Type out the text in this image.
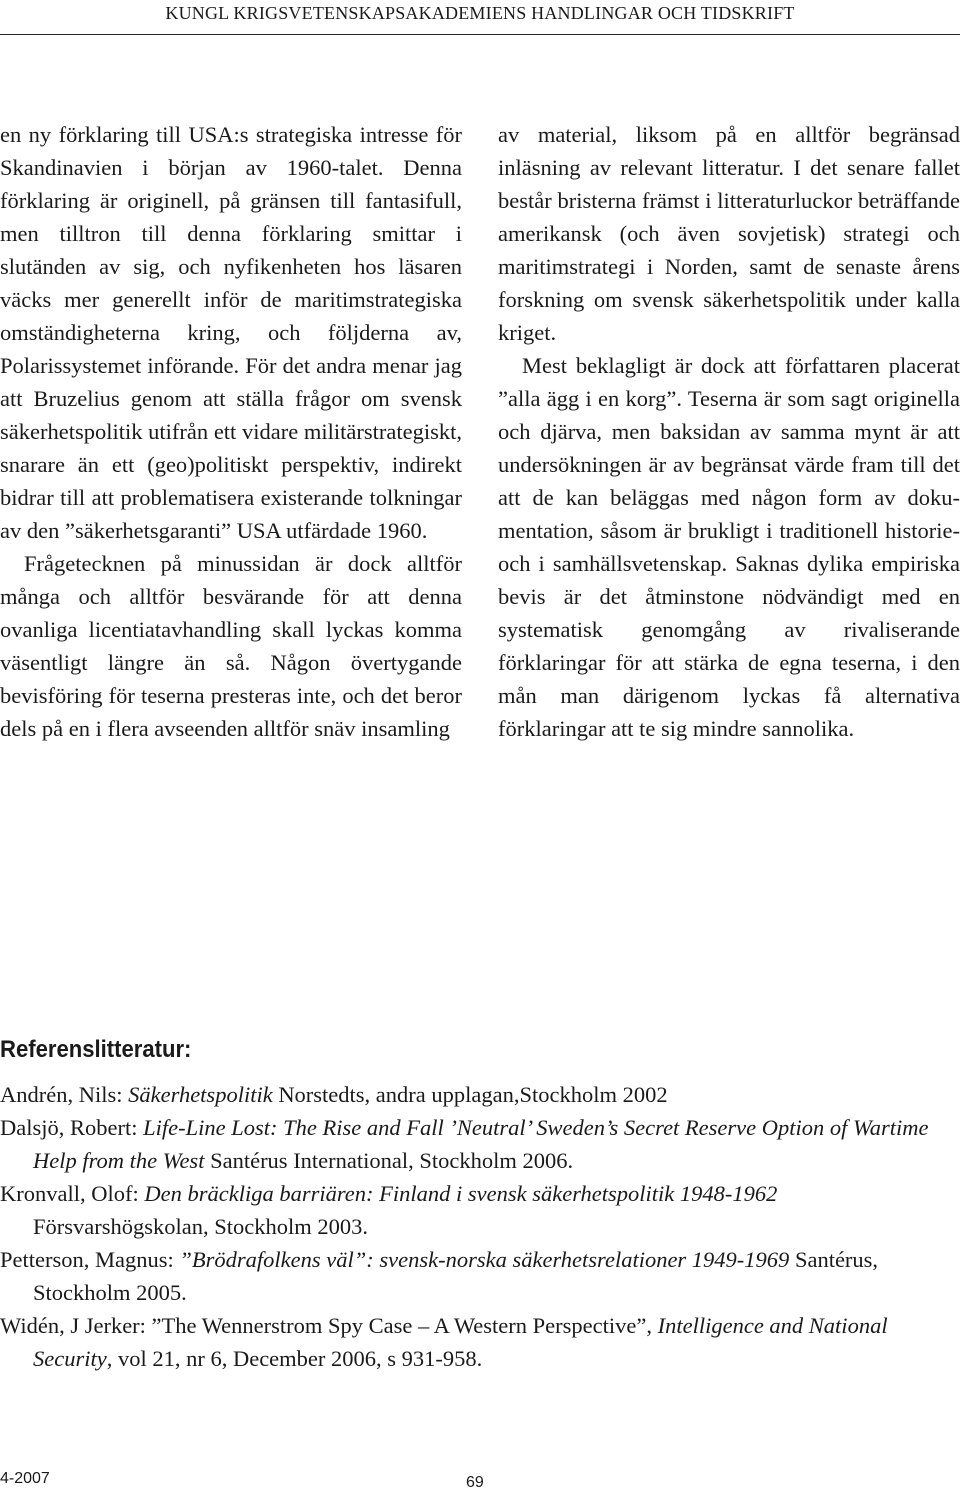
KUNGL KRIGSVETENSKAPSAKADEMIENS HANDLINGAR OCH TIDSKRIFT

en ny förklaring till USA:s strategiska intresse för Skandinavien i början av 1960-talet. Denna förklaring är originell, på gränsen till fantasifull, men tilltron till denna förklaring smittar i slutänden av sig, och nyfikenheten hos läsaren väcks mer generellt inför de maritimstrategiska omständigheterna kring, och följderna av, Polarissystemet införande. För det andra menar jag att Bruzelius genom att ställa frågor om svensk säkerhetspolitik utifrån ett vidare militärstrategiskt, snarare än ett (geo)politiskt perspektiv, indirekt bidrar till att problematisera existerande tolkningar av den ”säkerhetsgaranti” USA utfärdade 1960.

Frågetecknen på minussidan är dock alltför många och alltför besvärande för att denna ovanliga licentiatavhandling skall lyckas komma väsentligt längre än så. Någon övertygande bevisföring för teserna presteras inte, och det beror dels på en i flera avseenden alltför snäv insamling

av material, liksom på en alltför begränsad inläsning av relevant litteratur. I det senare fallet består bristerna främst i litteraturluckor beträffande amerikansk (och även sovjetisk) strategi och maritimstrategi i Norden, samt de senaste årens forskning om svensk säkerhetspolitik under kalla kriget.

Mest beklagligt är dock att författaren placerat ”alla ägg i en korg”. Teserna är som sagt originella och djärva, men baksidan av samma mynt är att undersökningen är av begränsat värde fram till det att de kan beläggas med någon form av dokumentation, såsom är brukligt i traditionell historie- och i samhällsvetenskap. Saknas dylika empiriska bevis är det åtminstone nödvändigt med en systematisk genomgång av rivaliserande förklaringar för att stärka de egna teserna, i den mån man därigenom lyckas få alternativa förklaringar att te sig mindre sannolika.

Referenslitteratur:

Andrén, Nils: Säkerhetspolitik Norstedts, andra upplagan,Stockholm 2002

Dalsjö, Robert: Life-Line Lost: The Rise and Fall ’Neutral’ Sweden’s Secret Reserve Option of Wartime Help from the West Santérus International, Stockholm 2006.

Kronvall, Olof: Den bräckliga barriären: Finland i svensk säkerhetspolitik 1948-1962 Försvarshögskolan, Stockholm 2003.

Petterson, Magnus: ”Brödrafolkens väl”: svensk-norska säkerhetsrelationer 1949-1969 Santérus, Stockholm 2005.

Widén, J Jerker: ”The Wennerstrom Spy Case – A Western Perspective”, Intelligence and National Security, vol 21, nr 6, December 2006, s 931-958.

4-2007	69
